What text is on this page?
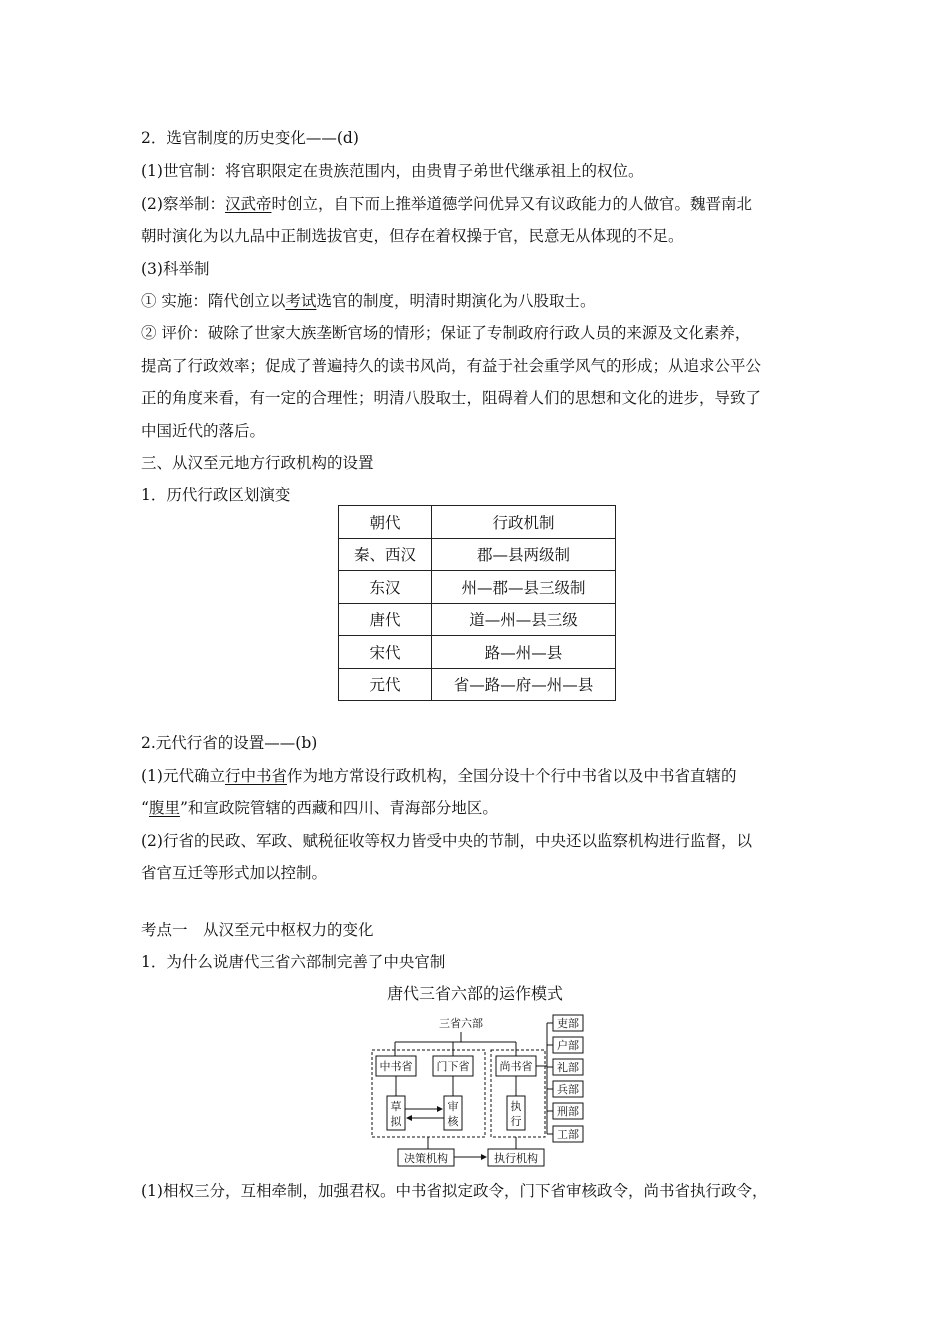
2．选官制度的历史变化——(d)
(1)世官制：将官职限定在贵族范围内，由贵胄子弟世代继承祖上的权位。
(2)察举制：汉武帝时创立，自下而上推举道德学问优异又有议政能力的人做官。魏晋南北
朝时演化为以九品中正制选拔官吏，但存在着权操于官，民意无从体现的不足。
(3)科举制
① 实施：隋代创立以考试选官的制度，明清时期演化为八股取士。
② 评价：破除了世家大族垄断官场的情形；保证了专制政府行政人员的来源及文化素养，
提高了行政效率；促成了普遍持久的读书风尚，有益于社会重学风气的形成；从追求公平公
正的角度来看，有一定的合理性；明清八股取士，阻碍着人们的思想和文化的进步，导致了
中国近代的落后。
三、从汉至元地方行政机构的设置
1．历代行政区划演变
朝代	行政机制
秦、西汉	郡—县两级制
东汉	州—郡—县三级制
唐代	道—州—县三级
宋代	路—州—县
元代	省—路—府—州—县
2.元代行省的设置——(b)
(1)元代确立行中书省作为地方常设行政机构，全国分设十个行中书省以及中书省直辖的
“腹里”和宣政院管辖的西藏和四川、青海部分地区。
(2)行省的民政、军政、赋税征收等权力皆受中央的节制，中央还以监察机构进行监督，以
省官互迁等形式加以控制。
考点一　从汉至元中枢权力的变化
1．为什么说唐代三省六部制完善了中央官制
唐代三省六部的运作模式
三省六部
中书省 门下省	尚书省
草
拟
审
核
执
行
决策机构	执行机构
吏部
户部
礼部
兵部
刑部
工部
(1)相权三分，互相牵制，加强君权。中书省拟定政令，门下省审核政令，尚书省执行政令，
